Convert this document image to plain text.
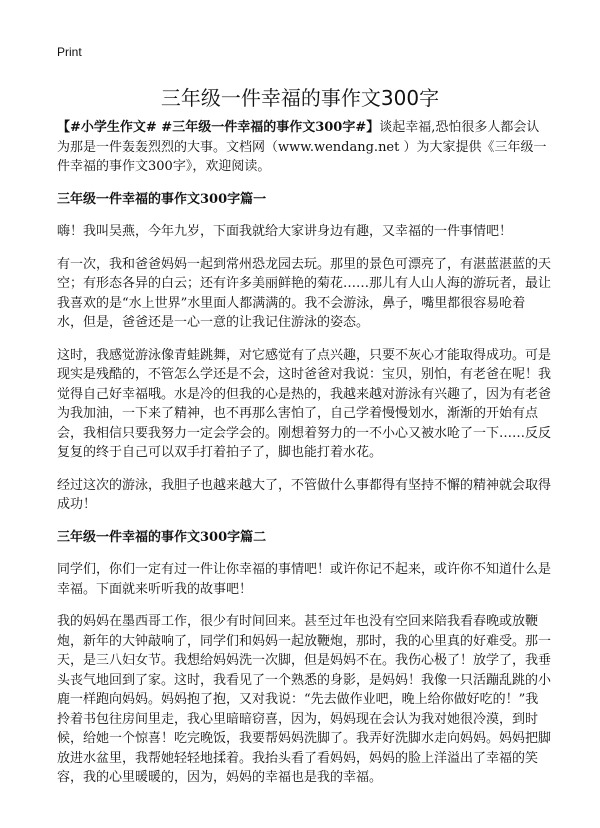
Print
三年级一件幸福的事作文300字

【#小学生作文# #三年级一件幸福的事作文300字#】谈起幸福,恐怕很多人都会认为那是一件轰轰烈烈的大事。文档网（www.wendang.net ）为大家提供《三年级一件幸福的事作文300字》，欢迎阅读。

三年级一件幸福的事作文300字篇一

嗨！我叫吴燕，今年九岁，下面我就给大家讲身边有趣，又幸福的一件事情吧！

有一次，我和爸爸妈妈一起到常州恐龙园去玩。那里的景色可漂亮了，有湛蓝湛蓝的天空；有形态各异的白云；还有许多美丽鲜艳的菊花……那儿有人山人海的游玩者，最让我喜欢的是“水上世界”水里面人都满满的。我不会游泳，鼻子，嘴里都很容易呛着水，但是，爸爸还是一心一意的让我记住游泳的姿态。

这时，我感觉游泳像青蛙跳舞，对它感觉有了点兴趣，只要不灰心才能取得成功。可是现实是残酷的，不管怎么学还是不会，这时爸爸对我说：宝贝，别怕，有老爸在呢！我觉得自己好幸福哦。水是冷的但我的心是热的，我越来越对游泳有兴趣了，因为有老爸为我加油，一下来了精神，也不再那么害怕了，自己学着慢慢划水，渐渐的开始有点会，我相信只要我努力一定会学会的。刚想着努力的一不小心又被水呛了一下……反反复复的终于自己可以双手打着拍子了，脚也能打着水花。

经过这次的游泳，我胆子也越来越大了，不管做什么事都得有坚持不懈的精神就会取得成功！

三年级一件幸福的事作文300字篇二

同学们，你们一定有过一件让你幸福的事情吧！或许你记不起来，或许你不知道什么是幸福。下面就来听听我的故事吧！

我的妈妈在墨西哥工作，很少有时间回来。甚至过年也没有空回来陪我看春晚或放鞭炮，新年的大钟敲响了，同学们和妈妈一起放鞭炮，那时，我的心里真的好难受。那一天，是三八妇女节。我想给妈妈洗一次脚，但是妈妈不在。我伤心极了！放学了，我垂头丧气地回到了家。这时，我看见了一个熟悉的身影，是妈妈！我像一只活蹦乱跳的小鹿一样跑向妈妈。妈妈抱了抱，又对我说：“先去做作业吧，晚上给你做好吃的！”我拎着书包往房间里走，我心里暗暗窃喜，因为，妈妈现在会认为我对她很冷漠，到时候，给她一个惊喜！吃完晚饭，我要帮妈妈洗脚了。我弄好洗脚水走向妈妈。妈妈把脚放进水盆里，我帮她轻轻地揉着。我抬头看了看妈妈，妈妈的脸上洋溢出了幸福的笑容，我的心里暖暖的，因为，妈妈的幸福也是我的幸福。
